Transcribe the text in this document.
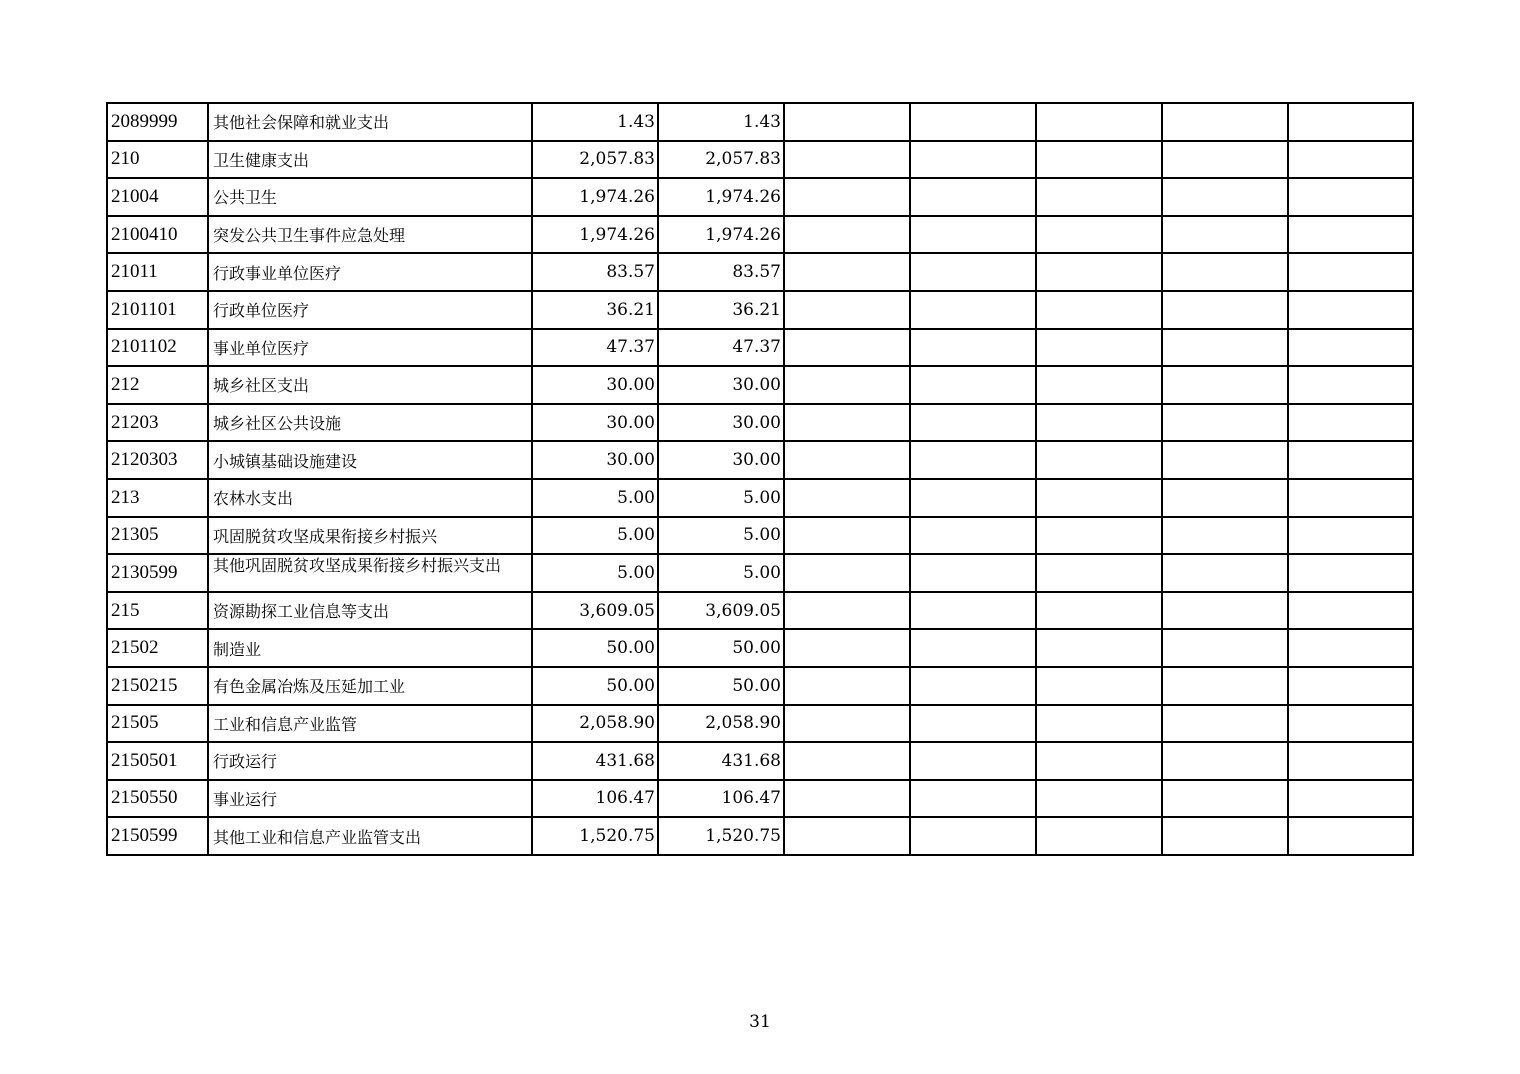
2089999	其他社会保障和就业支出	1.43	1.43					
210	卫生健康支出	2,057.83	2,057.83					
21004	公共卫生	1,974.26	1,974.26					
2100410	突发公共卫生事件应急处理	1,974.26	1,974.26					
21011	行政事业单位医疗	83.57	83.57					
2101101	行政单位医疗	36.21	36.21					
2101102	事业单位医疗	47.37	47.37					
212	城乡社区支出	30.00	30.00					
21203	城乡社区公共设施	30.00	30.00					
2120303	小城镇基础设施建设	30.00	30.00					
213	农林水支出	5.00	5.00					
21305	巩固脱贫攻坚成果衔接乡村振兴	5.00	5.00					
2130599	其他巩固脱贫攻坚成果衔接乡村振兴支出	5.00	5.00					
215	资源勘探工业信息等支出	3,609.05	3,609.05					
21502	制造业	50.00	50.00					
2150215	有色金属冶炼及压延加工业	50.00	50.00					
21505	工业和信息产业监管	2,058.90	2,058.90					
2150501	行政运行	431.68	431.68					
2150550	事业运行	106.47	106.47					
2150599	其他工业和信息产业监管支出	1,520.75	1,520.75					
31
